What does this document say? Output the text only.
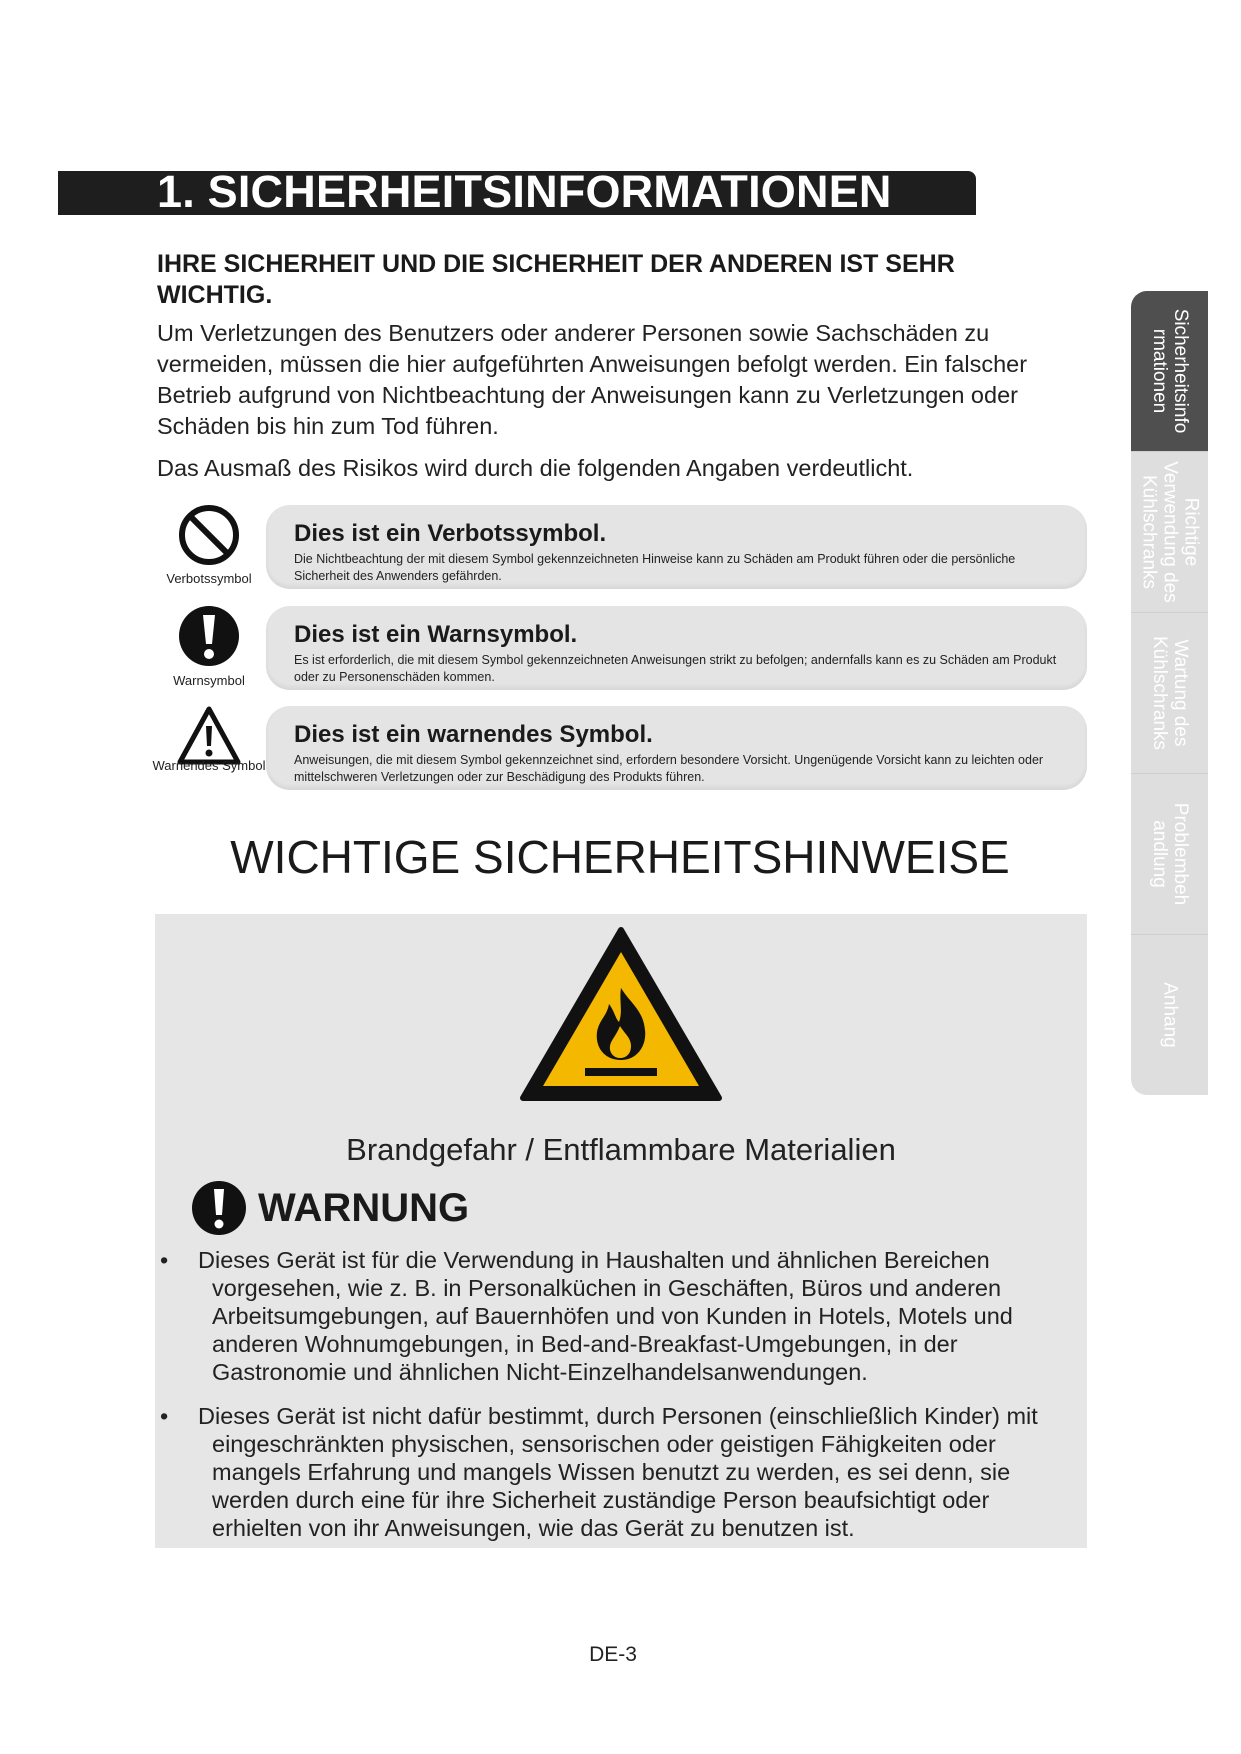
1. SICHERHEITSINFORMATIONEN
IHRE SICHERHEIT UND DIE SICHERHEIT DER ANDEREN IST SEHR WICHTIG.

Um Verletzungen des Benutzers oder anderer Personen sowie Sachschäden zu vermeiden, müssen die hier aufgeführten Anweisungen befolgt werden. Ein falscher Betrieb aufgrund von Nichtbeachtung der Anweisungen kann zu Verletzungen oder Schäden bis hin zum Tod führen.

Das Ausmaß des Risikos wird durch die folgenden Angaben verdeutlicht.

Verbotssymbol
Dies ist ein Verbotssymbol.

Die Nichtbeachtung der mit diesem Symbol gekennzeichneten Hinweise kann zu Schäden am Produkt führen oder die persönliche Sicherheit des Anwenders gefährden.

Warnsymbol
Dies ist ein Warnsymbol.

Es ist erforderlich, die mit diesem Symbol gekennzeichneten Anweisungen strikt zu befolgen; andernfalls kann es zu Schäden am Produkt oder zu Personenschäden kommen.

Warnendes Symbol
Dies ist ein warnendes Symbol.

Anweisungen, die mit diesem Symbol gekennzeichnet sind, erfordern besondere Vorsicht. Ungenügende Vorsicht kann zu leichten oder mittelschweren Verletzungen oder zur Beschädigung des Produkts führen.

WICHTIGE SICHERHEITSHINWEISE

Brandgefahr / Entflammbare Materialien

WARNUNG

• Dieses Gerät ist für die Verwendung in Haushalten und ähnlichen Bereichen vorgesehen, wie z. B. in Personalküchen in Geschäften, Büros und anderen Arbeitsumgebungen, auf Bauernhöfen und von Kunden in Hotels, Motels und anderen Wohnumgebungen, in Bed-and-Breakfast-Umgebungen, in der Gastronomie und ähnlichen Nicht-Einzelhandelsanwendungen.
• Dieses Gerät ist nicht dafür bestimmt, durch Personen (einschließlich Kinder) mit eingeschränkten physischen, sensorischen oder geistigen Fähigkeiten oder mangels Erfahrung und mangels Wissen benutzt zu werden, es sei denn, sie werden durch eine für ihre Sicherheit zuständige Person beaufsichtigt oder erhielten von ihr Anweisungen, wie das Gerät zu benutzen ist.

DE-3

Sicherheitsinfo
rmationen
Richtige
Verwendung des
Kühlschranks
Wartung des
Kühlschranks
Problembeh
andlung
Anhang
